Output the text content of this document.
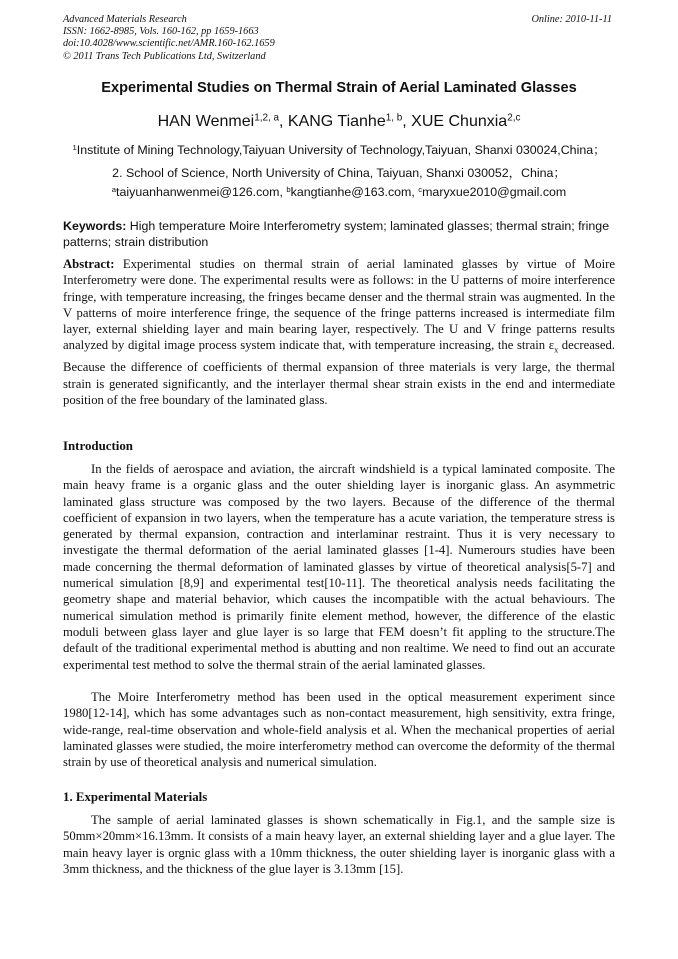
Advanced Materials Research
ISSN: 1662-8985, Vols. 160-162, pp 1659-1663
doi:10.4028/www.scientific.net/AMR.160-162.1659
© 2011 Trans Tech Publications Ltd, Switzerland
Online: 2010-11-11
Experimental Studies on Thermal Strain of Aerial Laminated Glasses
HAN Wenmei$^{1,2, a}$, KANG Tianhe$^{1, b}$, XUE Chunxia$^{2,c}$
$^1$Institute of Mining Technology,Taiyuan University of Technology,Taiyuan, Shanxi 030024,China；
2. School of Science, North University of China, Taiyuan, Shanxi 030052，China；
$^a$taiyuanhanwenmei@126.com, $^b$kangtianhe@163.com, $^c$maryxue2010@gmail.com
Keywords: High temperature Moire Interferometry system; laminated glasses; thermal strain; fringe patterns; strain distribution
Abstract: Experimental studies on thermal strain of aerial laminated glasses by virtue of Moire Interferometry were done. The experimental results were as follows: in the U patterns of moire interference fringe, with temperature increasing, the fringes became denser and the thermal strain was augmented. In the V patterns of moire interference fringe, the sequence of the fringe patterns increased is intermediate film layer, external shielding layer and main bearing layer, respectively. The U and V fringe patterns results analyzed by digital image process system indicate that, with temperature increasing, the strain $\varepsilon_x$ decreased. Because the difference of coefficients of thermal expansion of three materials is very large, the thermal strain is generated significantly, and the interlayer thermal shear strain exists in the end and intermediate position of the free boundary of the laminated glass.
Introduction
In the fields of aerospace and aviation, the aircraft windshield is a typical laminated composite. The main heavy frame is a organic glass and the outer shielding layer is inorganic glass. An asymmetric laminated glass structure was composed by the two layers. Because of the difference of the thermal coefficient of expansion in two layers, when the temperature has a acute variation, the temperature stress is generated by thermal expansion, contraction and interlaminar restraint. Thus it is very necessary to investigate the thermal deformation of the aerial laminated glasses [1-4]. Numerours studies have been made concerning the thermal deformation of laminated glasses by virtue of theoretical analysis[5-7] and numerical simulation [8,9] and experimental test[10-11]. The theoretical analysis needs facilitating the geometry shape and material behavior, which causes the incompatible with the actual behaviours. The numerical simulation method is primarily finite element method, however, the difference of the elastic moduli between glass layer and glue layer is so large that FEM doesn’t fit appling to the structure.The default of the traditional experimental method is abutting and non realtime. We need to find out an accurate experimental test method to solve the thermal strain of the aerial laminated glasses.
The Moire Interferometry method has been used in the optical measurement experiment since 1980[12-14], which has some advantages such as non-contact measurement, high sensitivity, extra fringe, wide-range, real-time observation and whole-field analysis et al. When the mechanical properties of aerial laminated glasses were studied, the moire interferometry method can overcome the deformity of the thermal strain by use of theoretical analysis and numerical simulation.
1. Experimental Materials
The sample of aerial laminated glasses is shown schematically in Fig.1, and the sample size is 50mm×20mm×16.13mm. It consists of a main heavy layer, an external shielding layer and a glue layer. The main heavy layer is orgnic glass with a 10mm thickness, the outer shielding layer is inorganic glass with a 3mm thickness, and the thickness of the glue layer is 3.13mm [15].
